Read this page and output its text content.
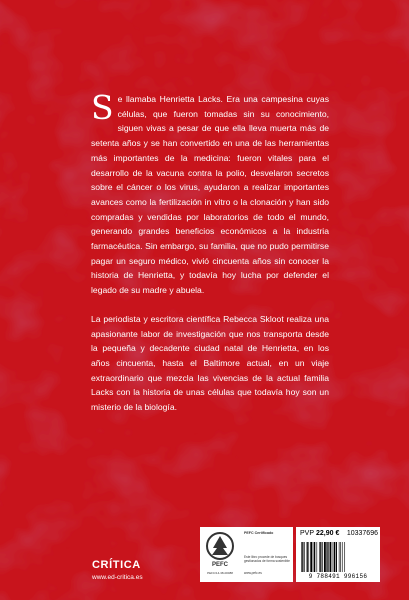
Se llamaba Henrietta Lacks. Era una campesina cuyas células, que fueron tomadas sin su conocimiento, siguen vivas a pesar de que ella lleva muerta más de setenta años y se han convertido en una de las herramientas más importantes de la medicina: fueron vitales para el desarrollo de la vacuna contra la polio, desvelaron secretos sobre el cáncer o los virus, ayudaron a realizar importantes avances como la fertilización in vitro o la clonación y han sido compradas y vendidas por laboratorios de todo el mundo, generando grandes beneficios económicos a la industria farmacéutica. Sin embargo, su familia, que no pudo permitirse pagar un seguro médico, vivió cincuenta años sin conocer la historia de Henrietta, y todavía hoy lucha por defender el legado de su madre y abuela.

La periodista y escritora científica Rebecca Skloot realiza una apasionante labor de investigación que nos transporta desde la pequeña y decadente ciudad natal de Henrietta, en los años cincuenta, hasta el Baltimore actual, en un viaje extraordinario que mezcla las vivencias de la actual familia Lacks con la historia de unas células que todavía hoy son un misterio de la biología.

CRÍTICA
www.ed-critica.es
PEFC
PEFC/14-38-00088
PEFC Certificado
Este libro procede de bosques gestionados de forma sostenible
www.pefc.es
PVP 22,90 € 10337696
9 788491 996156
